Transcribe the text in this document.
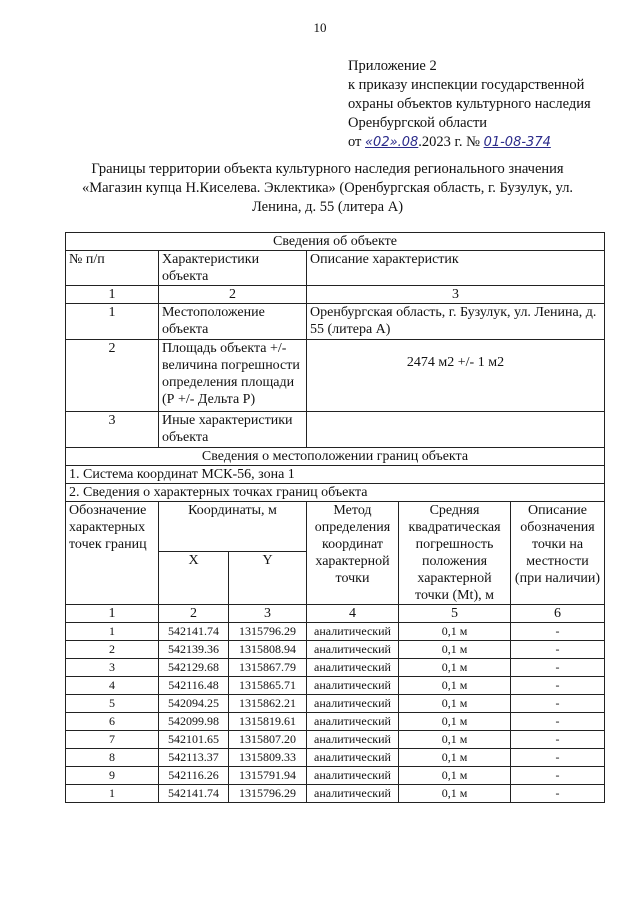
10
Приложение 2
к приказу инспекции государственной
охраны объектов культурного наследия
Оренбургской области
от «02».08.2023 г. № 01-08-374
Границы территории объекта культурного наследия регионального значения
«Магазин купца Н.Киселева. Эклектика» (Оренбургская область, г. Бузулук, ул.
Ленина, д. 55 (литера А)
Сведения об объекте					
№ п/п	Характеристики объекта		Описание характеристик		
1	2		3		
1	Местоположение объекта		Оренбургская область, г. Бузулук, ул. Ленина, д. 55 (литера А)		
2	Площадь объекта +/- величина погрешности определения площади (Р +/- Дельта Р)		2474 м2 +/- 1 м2		
3	Иные характеристики объекта				
Сведения о местоположении границ объекта					
1. Система координат МСК-56, зона 1					
2. Сведения о характерных точках границ объекта					
Обозначение характерных точек границ	Координаты, м		Метод определения координат характерной точки	Средняя квадратическая погрешность положения характерной точки (Mt), м	Описание обозначения точки на местности (при наличии)
	X	Y			
1	2	3	4	5	6
1	542141.74	1315796.29	аналитический	0,1 м	-
2	542139.36	1315808.94	аналитический	0,1 м	-
3	542129.68	1315867.79	аналитический	0,1 м	-
4	542116.48	1315865.71	аналитический	0,1 м	-
5	542094.25	1315862.21	аналитический	0,1 м	-
6	542099.98	1315819.61	аналитический	0,1 м	-
7	542101.65	1315807.20	аналитический	0,1 м	-
8	542113.37	1315809.33	аналитический	0,1 м	-
9	542116.26	1315791.94	аналитический	0,1 м	-
1	542141.74	1315796.29	аналитический	0,1 м	-
